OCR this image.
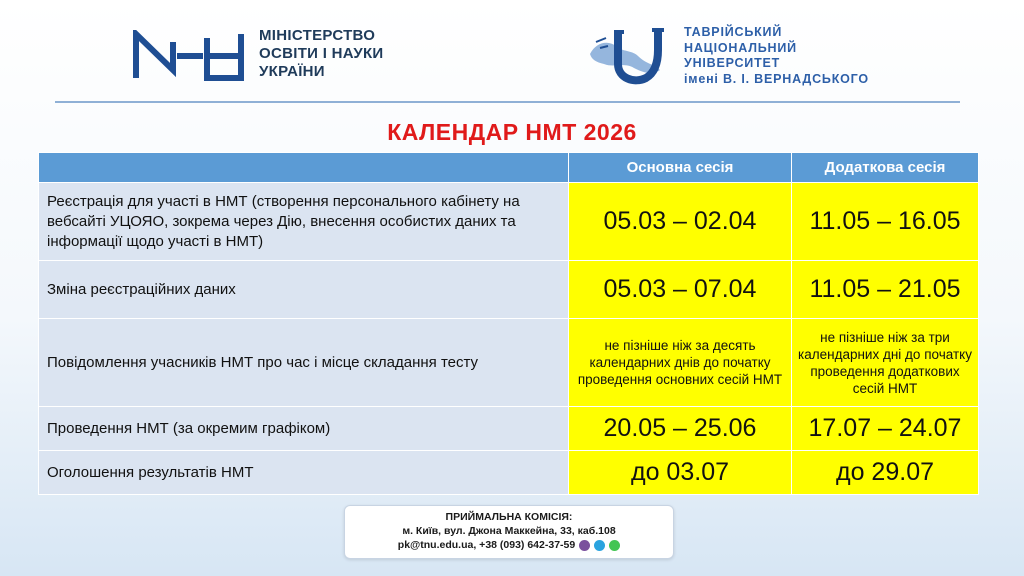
МІНІСТЕРСТВО
ОСВІТИ І НАУКИ
УКРАЇНИ
ТАВРІЙСЬКИЙ
НАЦІОНАЛЬНИЙ
УНІВЕРСИТЕТ
імені В. І. ВЕРНАДСЬКОГО
КАЛЕНДАР НМТ 2026
	Основна сесія	Додаткова сесія
Реєстрація для участі в НМТ (створення персонального кабінету на вебсайті УЦОЯО, зокрема через Дію, внесення особистих даних та інформації щодо участі в НМТ)	05.03 – 02.04	11.05 – 16.05
Зміна реєстраційних даних	05.03 – 07.04	11.05 – 21.05
Повідомлення учасників НМТ про час і місце складання тесту	не пізніше ніж за десять календарних днів до початку проведення основних сесій НМТ	не пізніше ніж за три календарних дні до початку проведення додаткових сесій НМТ
Проведення НМТ (за окремим графіком)	20.05 – 25.06	17.07 – 24.07
Оголошення результатів НМТ	до 03.07	до 29.07
ПРИЙМАЛЬНА КОМІСІЯ:
м. Київ, вул. Джона Маккейна, 33, каб.108
pk@tnu.edu.ua, +38 (093) 642-37-59
